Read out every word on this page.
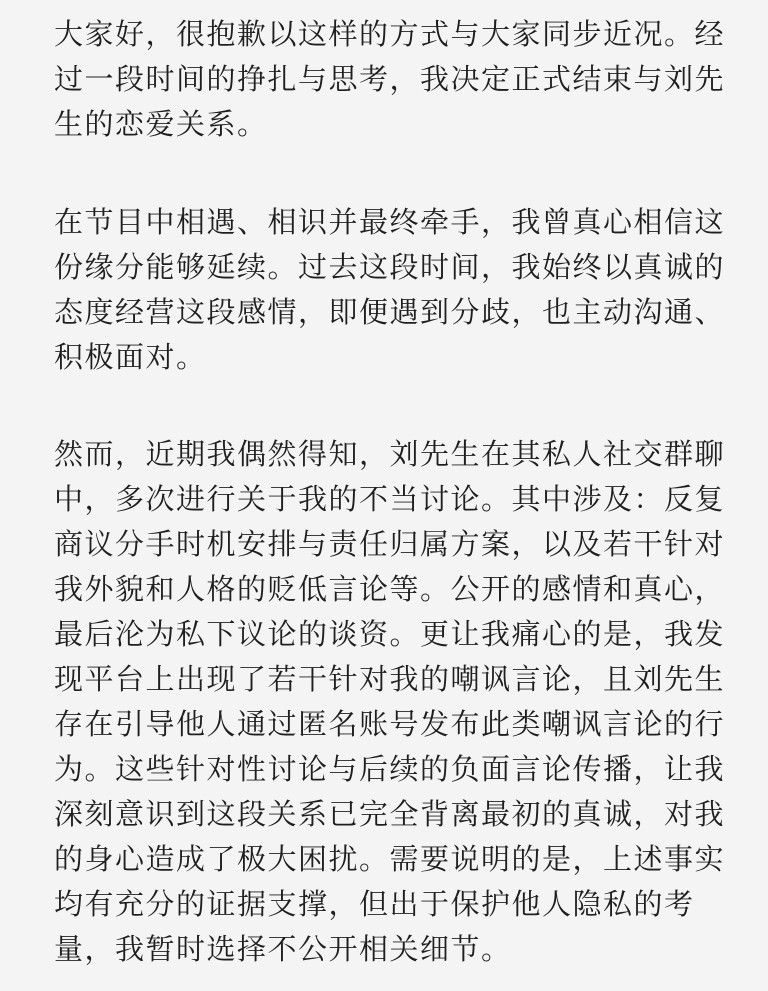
大家好，很抱歉以这样的方式与大家同步近况。经
过一段时间的挣扎与思考，我决定正式结束与刘先
生的恋爱关系。
在节目中相遇、相识并最终牵手，我曾真心相信这
份缘分能够延续。过去这段时间，我始终以真诚的
态度经营这段感情，即便遇到分歧，也主动沟通、
积极面对。
然而，近期我偶然得知，刘先生在其私人社交群聊
中，多次进行关于我的不当讨论。其中涉及：反复
商议分手时机安排与责任归属方案，以及若干针对
我外貌和人格的贬低言论等。公开的感情和真心，
最后沦为私下议论的谈资。更让我痛心的是，我发
现平台上出现了若干针对我的嘲讽言论，且刘先生
存在引导他人通过匿名账号发布此类嘲讽言论的行
为。这些针对性讨论与后续的负面言论传播，让我
深刻意识到这段关系已完全背离最初的真诚，对我
的身心造成了极大困扰。需要说明的是，上述事实
均有充分的证据支撑，但出于保护他人隐私的考
量，我暂时选择不公开相关细节。
